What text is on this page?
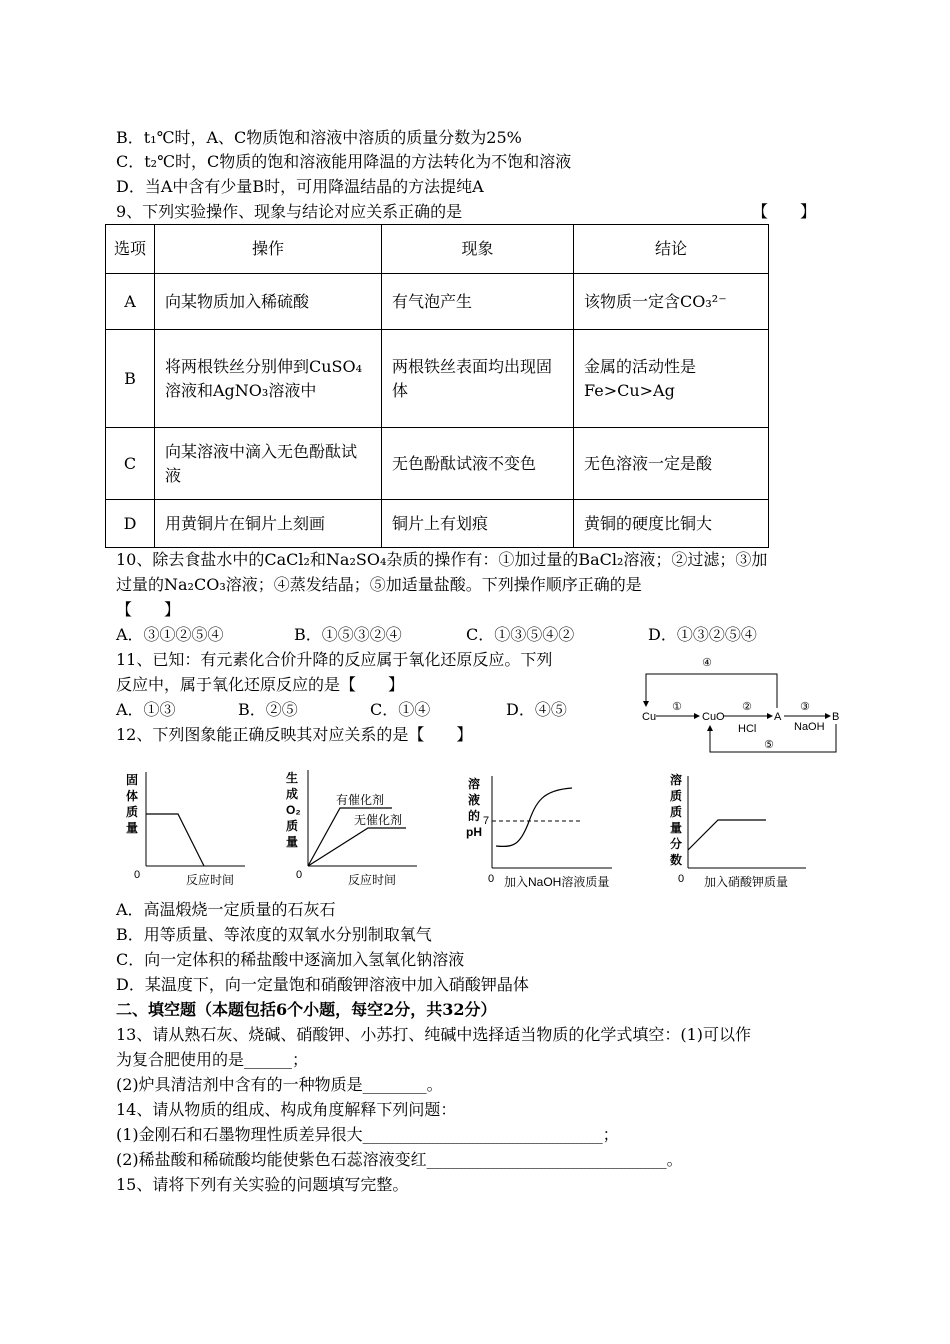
B．t₁℃时，A、C物质饱和溶液中溶质的质量分数为25%
C．t₂℃时，C物质的饱和溶液能用降温的方法转化为不饱和溶液
D．当A中含有少量B时，可用降温结晶的方法提纯A
9、下列实验操作、现象与结论对应关系正确的是	【　　】
选项	操作	现象	结论
A	向某物质加入稀硫酸	有气泡产生	该物质一定含CO₃²⁻
B	将两根铁丝分别伸到CuSO₄溶液和AgNO₃溶液中	两根铁丝表面均出现固体	金属的活动性是Fe>Cu>Ag
C	向某溶液中滴入无色酚酞试液	无色酚酞试液不变色	无色溶液一定是酸
D	用黄铜片在铜片上刻画	铜片上有划痕	黄铜的硬度比铜大
10、除去食盐水中的CaCl₂和Na₂SO₄杂质的操作有：①加过量的BaCl₂溶液；②过滤；③加
过量的Na₂CO₃溶液；④蒸发结晶；⑤加适量盐酸。下列操作顺序正确的是
【　　】
A．③①②⑤④	B．①⑤③②④	C．①③⑤④②	D．①③②⑤④
11、已知：有元素化合价升降的反应属于氧化还原反应。下列
反应中，属于氧化还原反应的是【　　】
A．①③	B．②⑤	C．①④	D．④⑤	Cu	CuO	A	B
①	②
HCl
③
NaOH
④
⑤
12、下列图象能正确反映其对应关系的是【　　】
固
体
质
量
0	反应时间
生
成
O₂
质
量
有催化剂
无催化剂
0	反应时间
溶
液
的
pH
7
0 加入NaOH溶液质量
溶
质
质
量
分
数
0 加入硝酸钾质量
A．高温煅烧一定质量的石灰石
B．用等质量、等浓度的双氧水分别制取氧气
C．向一定体积的稀盐酸中逐滴加入氢氧化钠溶液
D．某温度下，向一定量饱和硝酸钾溶液中加入硝酸钾晶体
二、填空题（本题包括6个小题，每空2分，共32分）
13、请从熟石灰、烧碱、硝酸钾、小苏打、纯碱中选择适当物质的化学式填空：(1)可以作
为复合肥使用的是______；
(2)炉具清洁剂中含有的一种物质是________。
14、请从物质的组成、构成角度解释下列问题：
(1)金刚石和石墨物理性质差异很大______________________________；
(2)稀盐酸和稀硫酸均能使紫色石蕊溶液变红______________________________。
15、请将下列有关实验的问题填写完整。
